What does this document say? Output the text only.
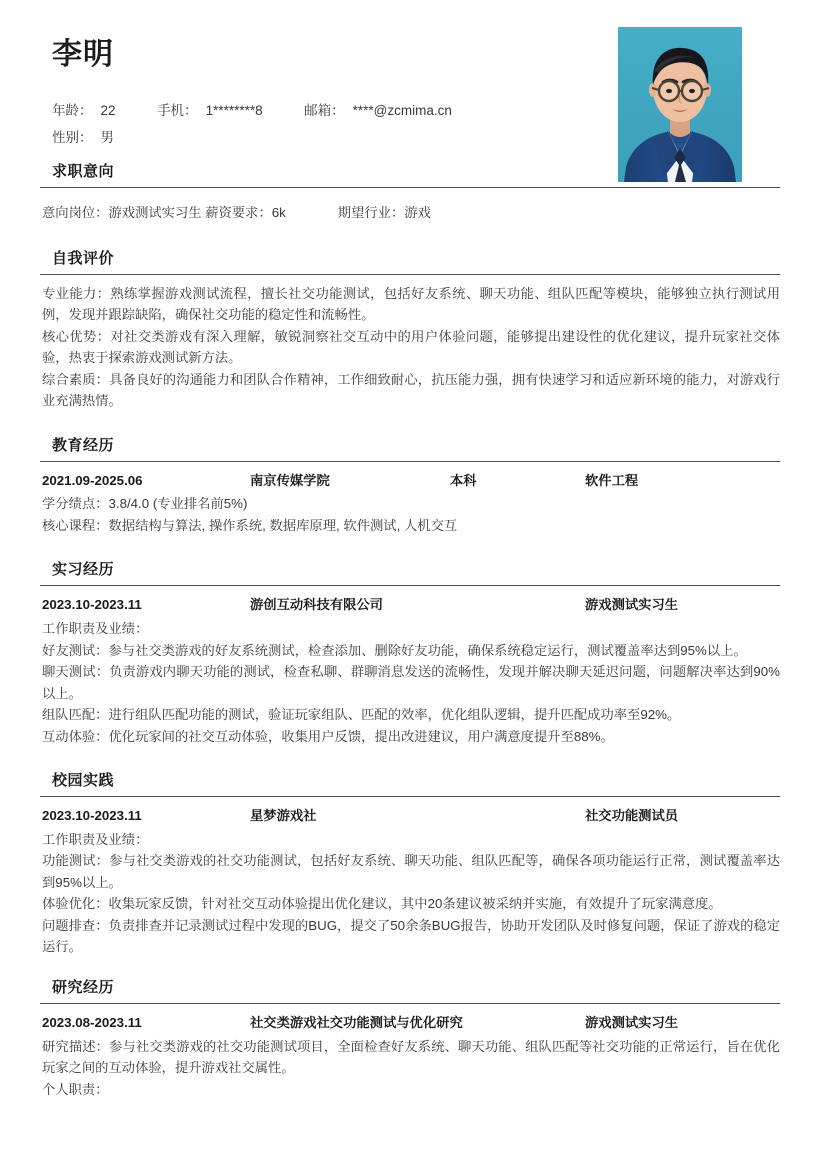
李明
年龄： 22	手机： 1********8	邮箱： ****@zcmima.cn
性别： 男
求职意向
意向岗位：游戏测试实习生 薪资要求：6k	期望行业：游戏
自我评价

专业能力：熟练掌握游戏测试流程，擅长社交功能测试，包括好友系统、聊天功能、组队匹配等模块，能够独立执行测试用例，发现并跟踪缺陷，确保社交功能的稳定性和流畅性。

核心优势：对社交类游戏有深入理解，敏锐洞察社交互动中的用户体验问题，能够提出建设性的优化建议，提升玩家社交体验，热衷于探索游戏测试新方法。

综合素质：具备良好的沟通能力和团队合作精神，工作细致耐心，抗压能力强，拥有快速学习和适应新环境的能力，对游戏行业充满热情。

教育经历
2021.09-2025.06	南京传媒学院	本科	软件工程
学分绩点：3.8/4.0 (专业排名前5%)
核心课程：数据结构与算法, 操作系统, 数据库原理, 软件测试, 人机交互
实习经历
2023.10-2023.11	游创互动科技有限公司	游戏测试实习生
工作职责及业绩：

好友测试：参与社交类游戏的好友系统测试，检查添加、删除好友功能，确保系统稳定运行，测试覆盖率达到95%以上。

聊天测试：负责游戏内聊天功能的测试，检查私聊、群聊消息发送的流畅性，发现并解决聊天延迟问题，问题解决率达到90%以上。

组队匹配：进行组队匹配功能的测试，验证玩家组队、匹配的效率，优化组队逻辑，提升匹配成功率至92%。

互动体验：优化玩家间的社交互动体验，收集用户反馈，提出改进建议，用户满意度提升至88%。

校园实践
2023.10-2023.11	星梦游戏社	社交功能测试员
工作职责及业绩：

功能测试：参与社交类游戏的社交功能测试，包括好友系统、聊天功能、组队匹配等，确保各项功能运行正常，测试覆盖率达到95%以上。

体验优化：收集玩家反馈，针对社交互动体验提出优化建议，其中20条建议被采纳并实施，有效提升了玩家满意度。

问题排查：负责排查并记录测试过程中发现的BUG，提交了50余条BUG报告，协助开发团队及时修复问题，保证了游戏的稳定运行。

研究经历
2023.08-2023.11	社交类游戏社交功能测试与优化研究	游戏测试实习生

研究描述：参与社交类游戏的社交功能测试项目，全面检查好友系统、聊天功能、组队匹配等社交功能的正常运行，旨在优化玩家之间的互动体验，提升游戏社交属性。

个人职责：
